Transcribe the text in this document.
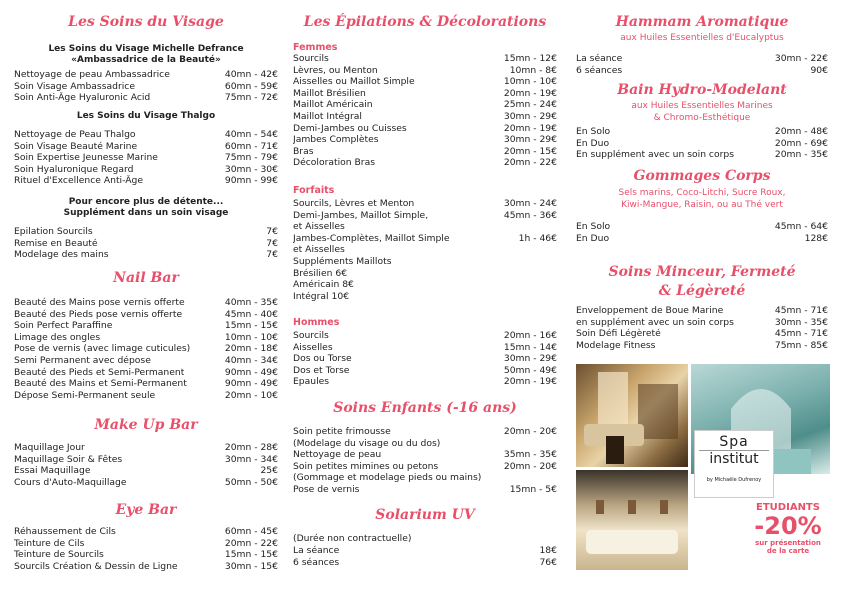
Les Soins du Visage
Les Soins du Visage Michelle Defrance
«Ambassadrice de la Beauté»
Nettoyage de peau Ambassadrice	40mn - 42€
Soin Visage Ambassadrice	60mn - 59€
Soin Anti-Âge Hyaluronic Acid	75mn - 72€
Les Soins du Visage Thalgo
Nettoyage de Peau Thalgo	40mn - 54€
Soin Visage Beauté Marine	60mn - 71€
Soin Expertise Jeunesse Marine	75mn - 79€
Soin Hyaluronique Regard	30mn - 30€
Rituel d'Excellence Anti-Âge	90mn - 99€
Pour encore plus de détente...
Supplément dans un soin visage
Epilation Sourcils	7€
Remise en Beauté	7€
Modelage des mains	7€
Nail Bar
Beauté des Mains pose vernis offerte	40mn - 35€
Beauté des Pieds pose vernis offerte	45mn - 40€
Soin Perfect Paraffine	15mn - 15€
Limage des ongles	10mn - 10€
Pose de vernis (avec limage cuticules)	20mn - 18€
Semi Permanent avec dépose	40mn - 34€
Beauté des Pieds et Semi-Permanent	90mn - 49€
Beauté des Mains et Semi-Permanent	90mn - 49€
Dépose Semi-Permanent seule	20mn - 10€
Make Up Bar
Maquillage Jour	20mn - 28€
Maquillage Soir & Fêtes	30mn - 34€
Essai Maquillage	25€
Cours d'Auto-Maquillage	50mn - 50€
Eye Bar
Réhaussement de Cils	60mn - 45€
Teinture de Cils	20mn - 22€
Teinture de Sourcils	15mn - 15€
Sourcils Création & Dessin de Ligne	30mn - 15€
Les Épilations & Décolorations
Femmes
Sourcils	15mn - 12€
Lèvres, ou Menton	10mn - 8€
Aisselles ou Maillot Simple	10mn - 10€
Maillot Brésilien	20mn - 19€
Maillot Américain	25mn - 24€
Maillot Intégral	30mn - 29€
Demi-Jambes ou Cuisses	20mn - 19€
Jambes Complètes	30mn - 29€
Bras	20mn - 15€
Décoloration Bras	20mn - 22€
Forfaits
Sourcils, Lèvres et Menton	30mn - 24€
Demi-Jambes, Maillot Simple,	45mn - 36€
et Aisselles
Jambes-Complètes, Maillot Simple	1h - 46€
et Aisselles
Suppléments Maillots
Brésilien 6€
Américain 8€
Intégral 10€
Hommes
Sourcils	20mn - 16€
Aisselles	15mn - 14€
Dos ou Torse	30mn - 29€
Dos et Torse	50mn - 49€
Epaules	20mn - 19€
Soins Enfants (-16 ans)
Soin petite frimousse	20mn - 20€
(Modelage du visage ou du dos)
Nettoyage de peau	35mn - 35€
Soin petites mimines ou petons	20mn - 20€
(Gommage et modelage pieds ou mains)
Pose de vernis	15mn - 5€
Solarium UV
(Durée non contractuelle)
La séance	18€
6 séances	76€
Hammam Aromatique
aux Huiles Essentielles d'Eucalyptus
La séance	30mn - 22€
6 séances	90€
Bain Hydro-Modelant
aux Huiles Essentielles Marines
& Chromo-Esthétique
En Solo	20mn - 48€
En Duo	20mn - 69€
En supplément avec un soin corps	20mn - 35€
Gommages Corps
Sels marins, Coco-Litchi, Sucre Roux,
Kiwi-Mangue, Raisin, ou au Thé vert
En Solo	45mn - 64€
En Duo	128€
Soins Minceur, Fermeté
& Légèreté
Enveloppement de Boue Marine	45mn - 71€
en supplément avec un soin corps	30mn - 35€
Soin Défi Légèreté	45mn - 71€
Modelage Fitness	75mn - 85€
Spa
institut
by Michaële Dufrenoy
ETUDIANTS
-20%
sur présentation
de la carte
